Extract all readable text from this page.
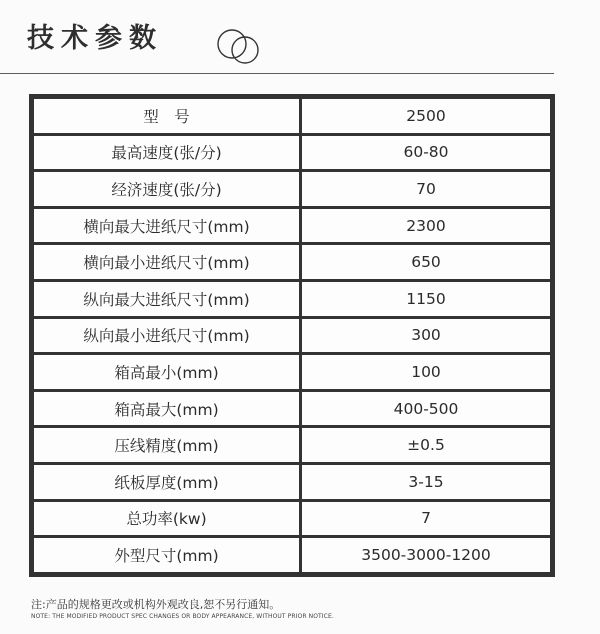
技术参数
型　号	2500
最高速度(张/分)	60-80
经济速度(张/分)	70
横向最大进纸尺寸(mm)	2300
横向最小进纸尺寸(mm)	650
纵向最大进纸尺寸(mm)	1150
纵向最小进纸尺寸(mm)	300
箱高最小(mm)	100
箱高最大(mm)	400-500
压线精度(mm)	±0.5
纸板厚度(mm)	3-15
总功率(kw)	7
外型尺寸(mm)	3500-3000-1200
注:产品的规格更改或机构外观改良,恕不另行通知。
NOTE: THE MODIFIED PRODUCT SPEC CHANGES OR BODY APPEARANCE, WITHOUT PRIOR NOTICE.
